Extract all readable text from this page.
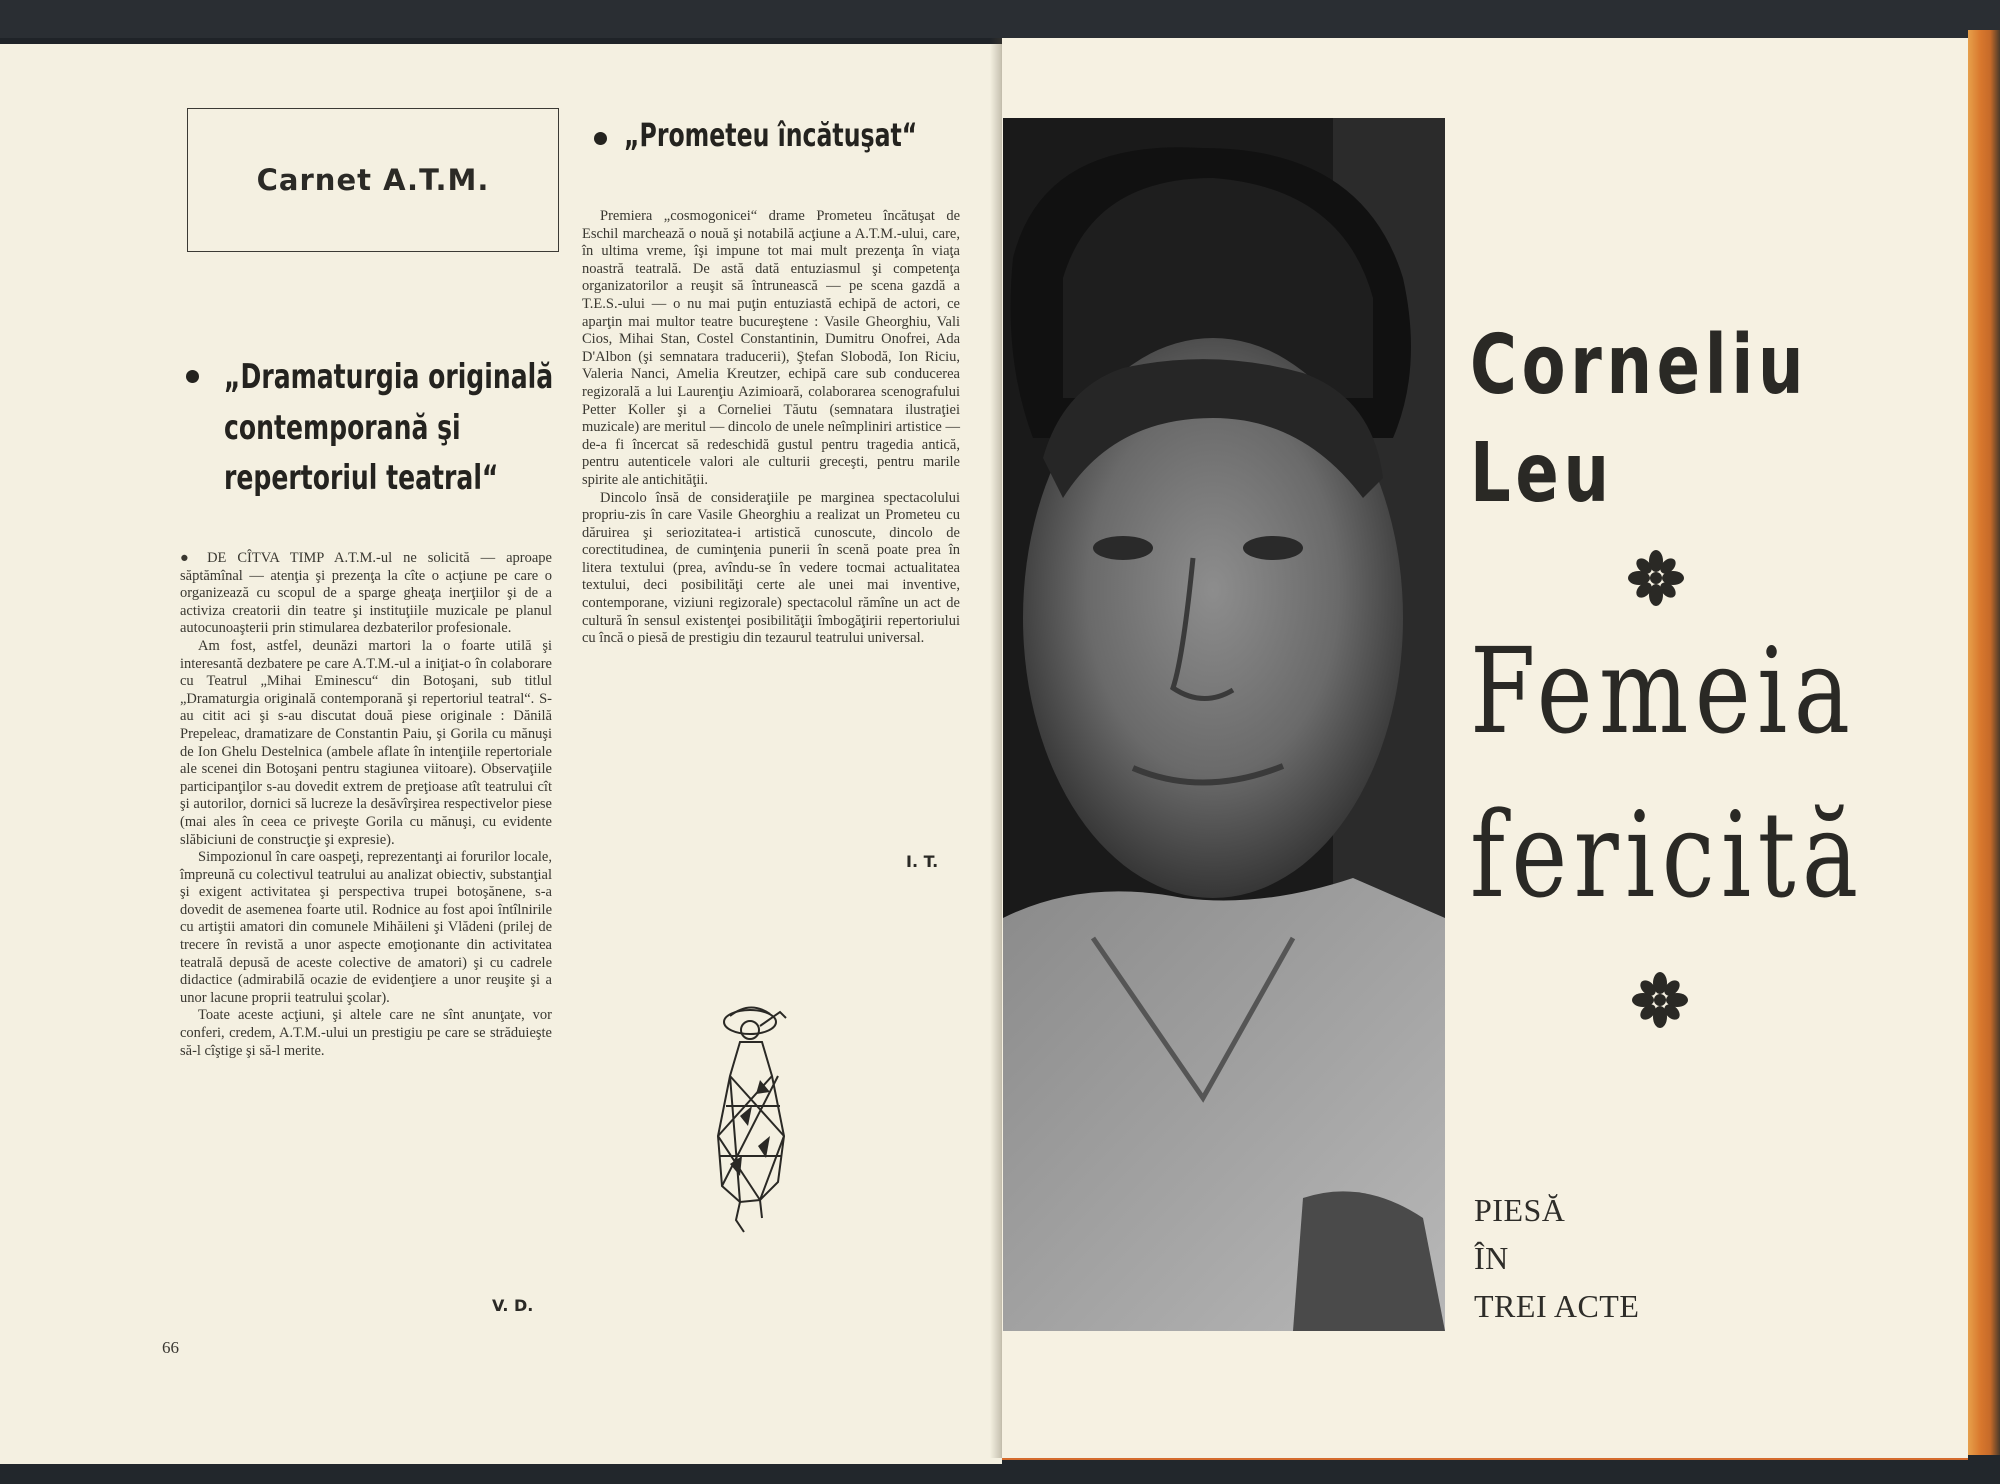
Carnet A.T.M.
„Dramaturgia originală
contemporană şi
repertoriul teatral“

● DE CÎTVA TIMP A.T.M.-ul ne solicită — aproape săptămînal — atenţia şi prezenţa la cîte o acţiune pe care o organizează cu scopul de a sparge gheaţa inerţiilor şi de a activiza creatorii din teatre şi instituţiile muzicale pe planul autocunoaşterii prin stimularea dezbaterilor profesionale.

Am fost, astfel, deunăzi martori la o foarte utilă şi interesantă dezbatere pe care A.T.M.-ul a iniţiat-o în colaborare cu Teatrul „Mihai Eminescu“ din Botoşani, sub titlul „Dramaturgia originală contemporană şi repertoriul teatral“. S-au citit aci şi s-au discutat două piese originale : Dănilă Prepeleac, dramatizare de Constantin Paiu, şi Gorila cu mănuşi de Ion Ghelu Destelnica (ambele aflate în intenţiile repertoriale ale scenei din Botoşani pentru stagiunea viitoare). Observaţiile participanţilor s-au dovedit extrem de preţioase atît teatrului cît şi autorilor, dornici să lucreze la desăvîrşirea respectivelor piese (mai ales în ceea ce priveşte Gorila cu mănuşi, cu evidente slăbiciuni de construcţie şi expresie).

Simpozionul în care oaspeţi, reprezentanţi ai forurilor locale, împreună cu colectivul teatrului au analizat obiectiv, substanţial şi exigent activitatea şi perspectiva trupei botoşănene, s-a dovedit de asemenea foarte util. Rodnice au fost apoi întîlnirile cu artiştii amatori din comunele Mihăileni şi Vlădeni (prilej de trecere în revistă a unor aspecte emoţionante din activitatea teatrală depusă de aceste colective de amatori) şi cu cadrele didactice (admirabilă ocazie de evidenţiere a unor reuşite şi a unor lacune proprii teatrului şcolar).

Toate aceste acţiuni, şi altele care ne sînt anunţate, vor conferi, credem, A.T.M.-ului un prestigiu pe care se străduieşte să-l cîştige şi să-l merite.

V. D.
„Prometeu încătuşat“

Premiera „cosmogonicei“ drame Prometeu încătuşat de Eschil marchează o nouă şi notabilă acţiune a A.T.M.-ului, care, în ultima vreme, îşi impune tot mai mult prezenţa în viaţa noastră teatrală. De astă dată entuziasmul şi competenţa organizatorilor a reuşit să întrunească — pe scena gazdă a T.E.S.-ului — o nu mai puţin entuziastă echipă de actori, ce aparţin mai multor teatre bucureştene : Vasile Gheorghiu, Vali Cios, Mihai Stan, Costel Constantinin, Dumitru Onofrei, Ada D'Albon (şi semnatara traducerii), Ştefan Slobodă, Ion Riciu, Valeria Nanci, Amelia Kreutzer, echipă care sub conducerea regizorală a lui Laurenţiu Azimioară, colaborarea scenografului Petter Koller şi a Corneliei Tăutu (semnatara ilustraţiei muzicale) are meritul — dincolo de unele neîmpliniri artistice — de-a fi încercat să redeschidă gustul pentru tragedia antică, pentru autenticele valori ale culturii greceşti, pentru marile spirite ale antichităţii.

Dincolo însă de consideraţiile pe marginea spectacolului propriu-zis în care Vasile Gheorghiu a realizat un Prometeu cu dăruirea şi seriozitatea-i artistică cunoscute, dincolo de corectitudinea, de cuminţenia punerii în scenă poate prea în litera textului (prea, avîndu-se în vedere tocmai actualitatea textului, deci posibilităţi certe ale unei mai inventive, contemporane, viziuni regizorale) spectacolul rămîne un act de cultură în sensul existenţei posibilităţii îmbogăţirii repertoriului cu încă o piesă de prestigiu din tezaurul teatrului universal.

I. T.
66
Corneliu
Leu
Femeia
fericită
PIESĂ
ÎN
TREI ACTE
